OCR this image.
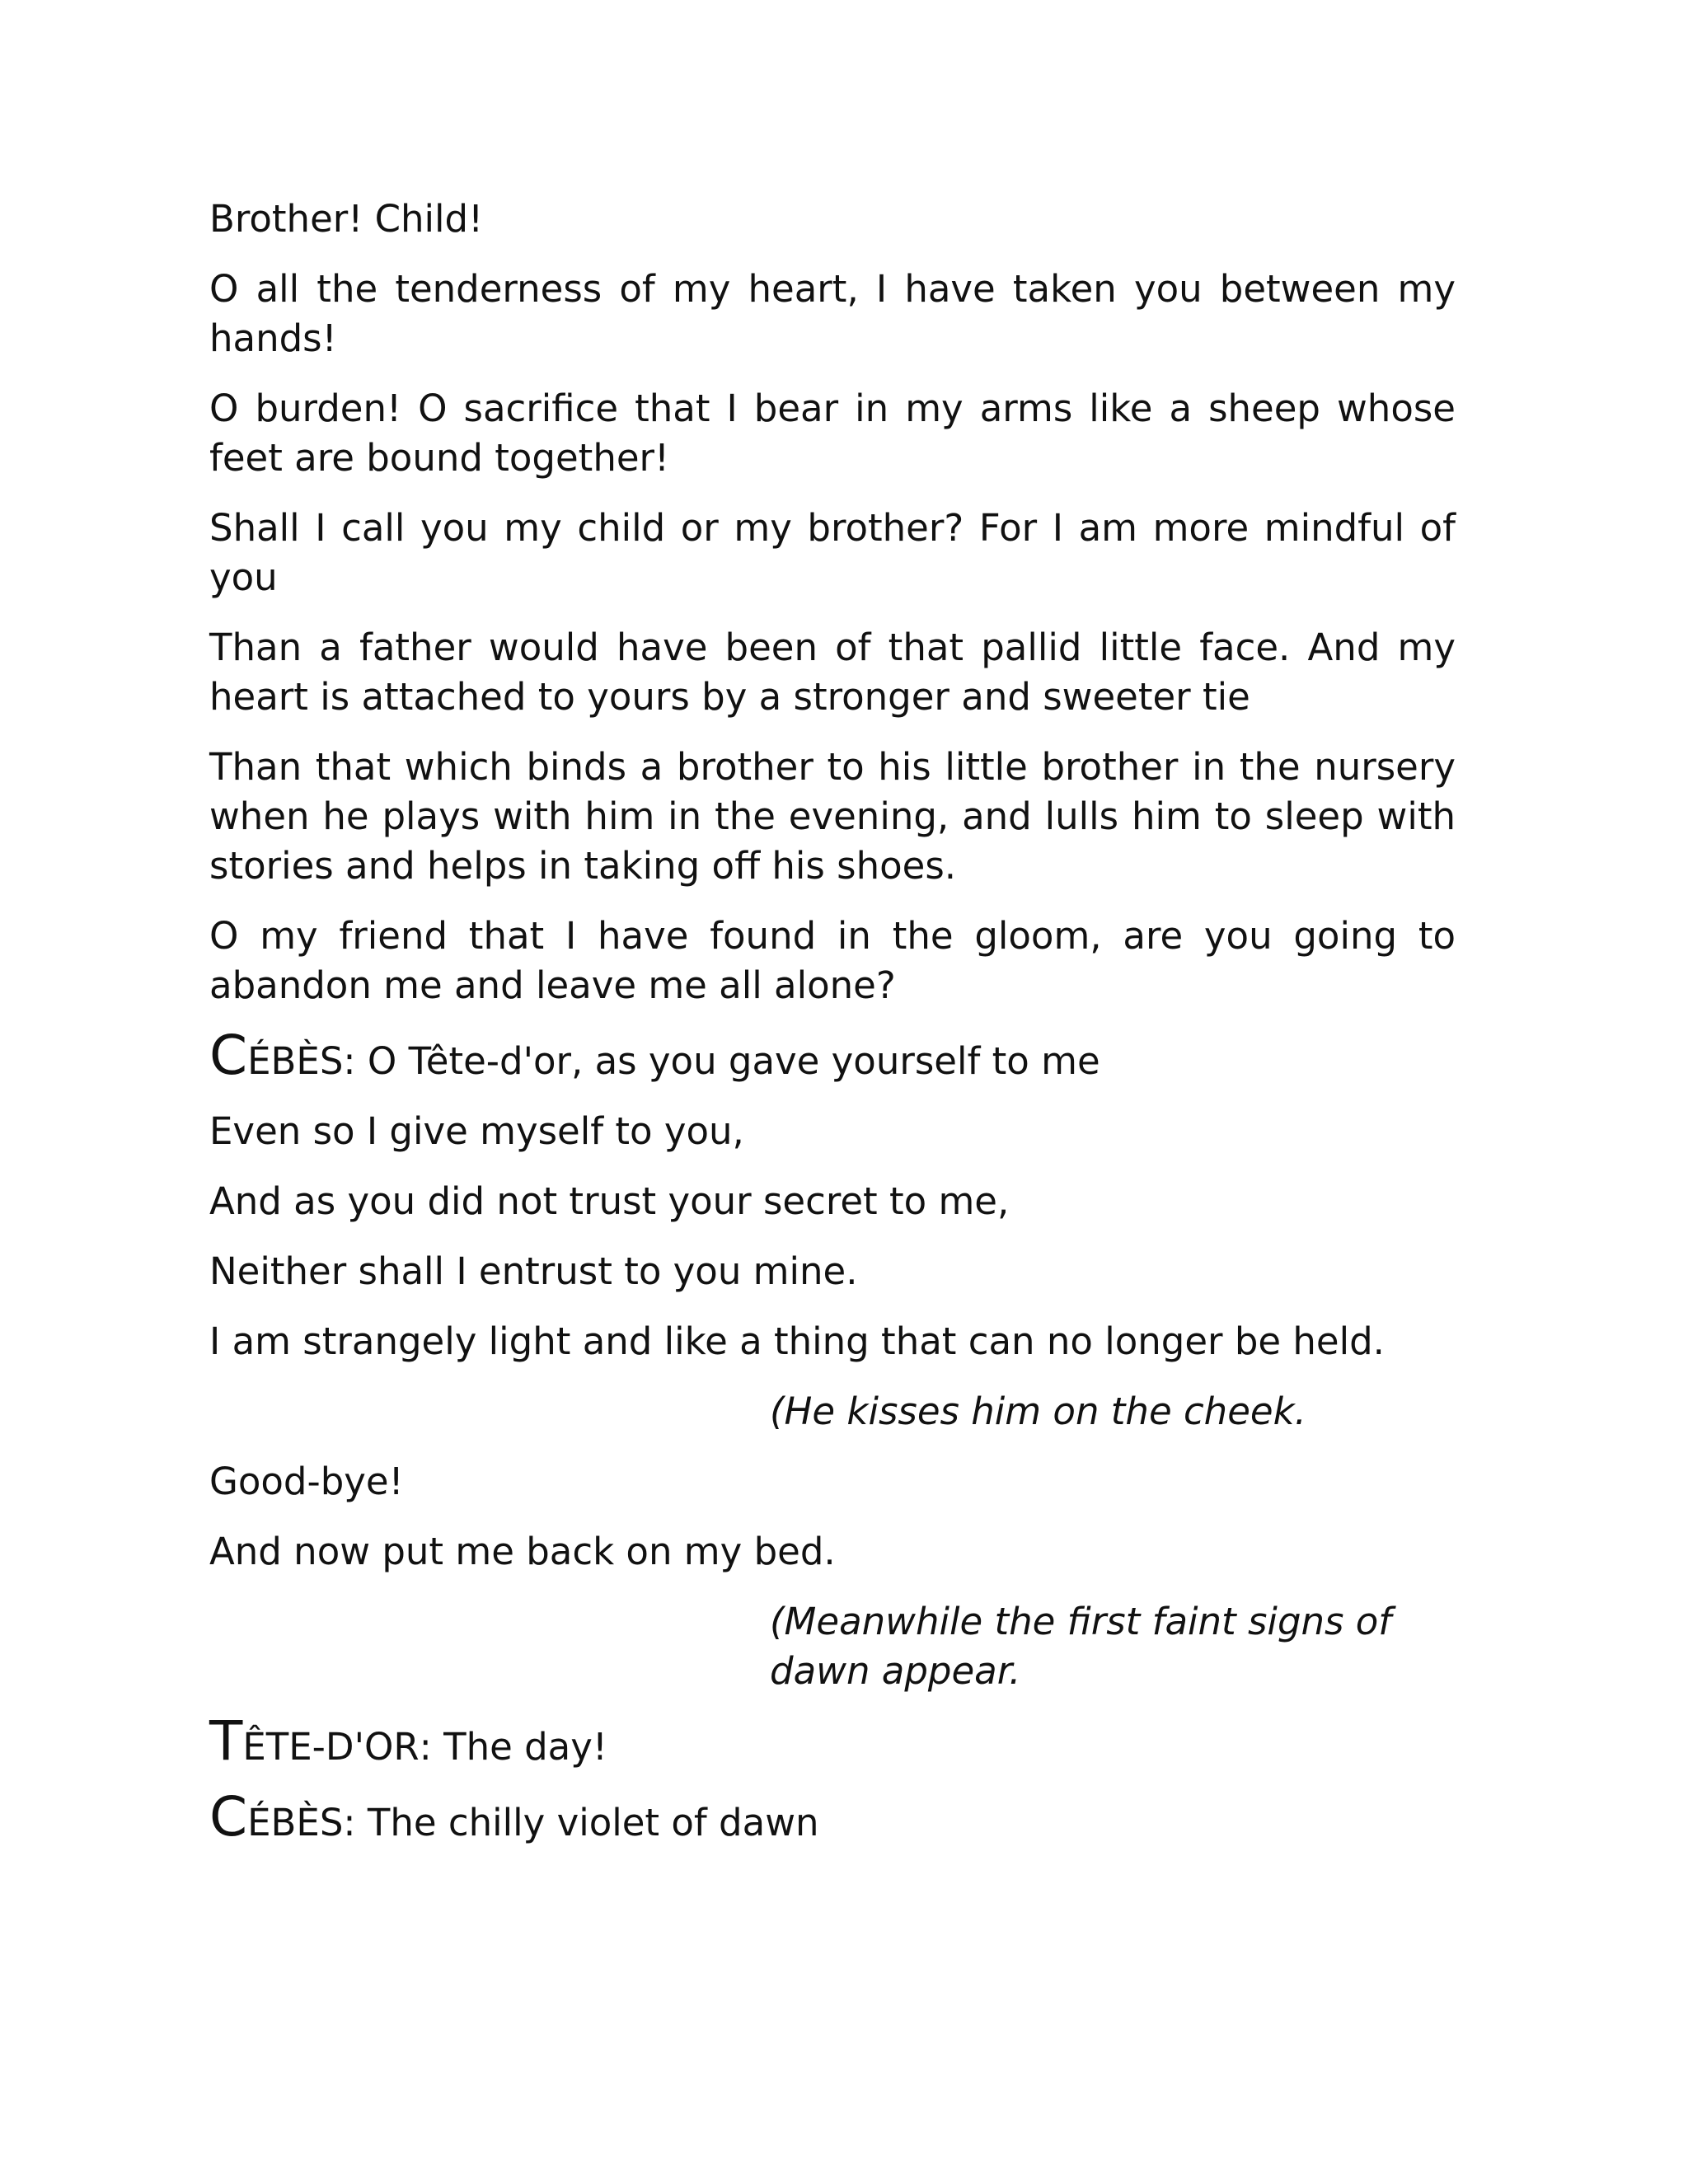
Brother! Child!

O all the tenderness of my heart, I have taken you between my hands!

O burden! O sacrifice that I bear in my arms like a sheep whose feet are bound together!

Shall I call you my child or my brother? For I am more mindful of you

Than a father would have been of that pallid little face. And my heart is attached to yours by a stronger and sweeter tie

Than that which binds a brother to his little brother in the nursery when he plays with him in the evening, and lulls him to sleep with stories and helps in taking off his shoes.

O my friend that I have found in the gloom, are you going to abandon me and leave me all alone?

CÉBÈS: O Tête-d'or, as you gave yourself to me

Even so I give myself to you,

And as you did not trust your secret to me,

Neither shall I entrust to you mine.

I am strangely light and like a thing that can no longer be held.

(He kisses him on the cheek.

Good-bye!

And now put me back on my bed.

(Meanwhile the first faint signs of dawn appear.

TÊTE-D'OR: The day!

CÉBÈS: The chilly violet of dawn
